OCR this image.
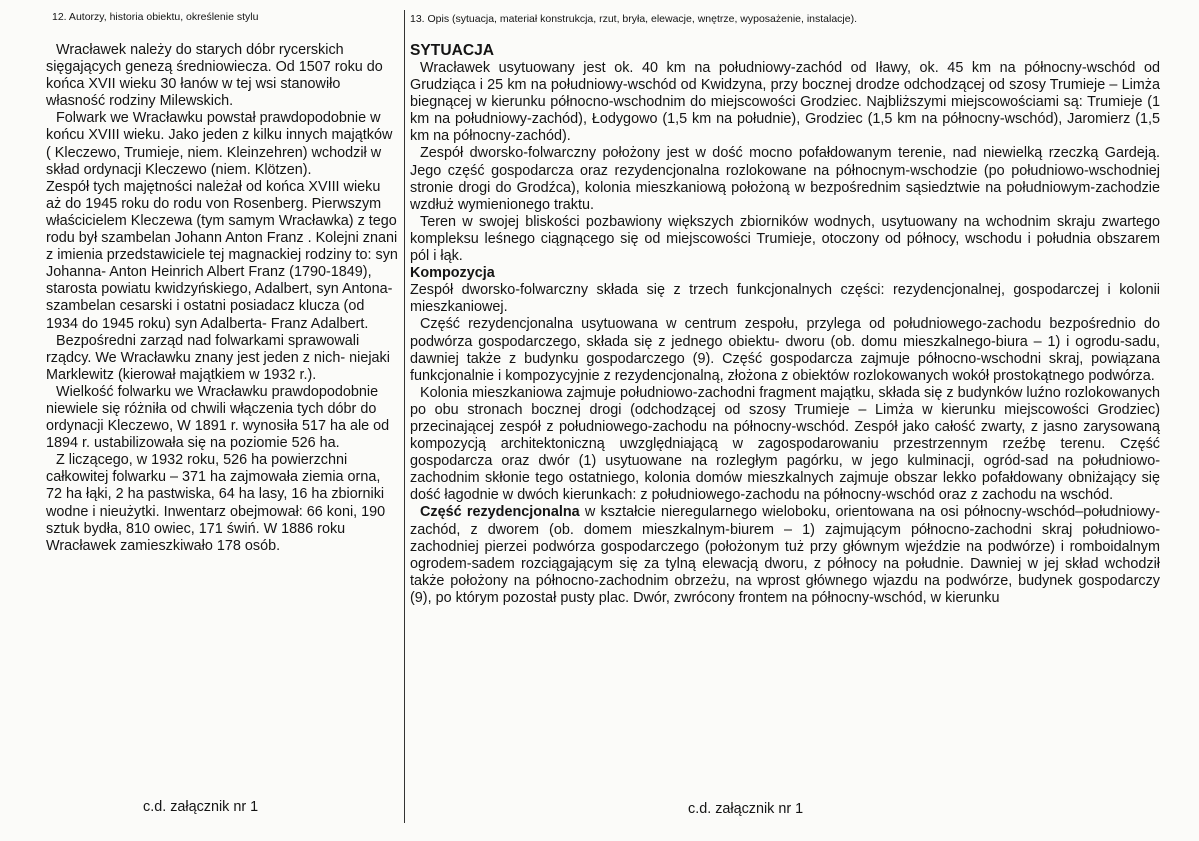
12. Autorzy, historia obiektu, określenie stylu	13. Opis (sytuacja, materiał konstrukcja, rzut, bryła, elewacje, wnętrze, wyposażenie, instalacje).

Wracławek należy do starych dóbr rycerskich sięgających genezą średniowiecza. Od 1507 roku do końca XVII wieku 30 łanów w tej wsi stanowiło własność rodziny Milewskich.

Folwark we Wracławku powstał prawdopodobnie w końcu XVIII wieku. Jako jeden z kilku innych majątków ( Kleczewo, Trumieje, niem. Kleinzehren) wchodził w skład ordynacji Kleczewo (niem. Klötzen).

Zespół tych majętności należał od końca XVIII wieku aż do 1945 roku do rodu von Rosenberg. Pierwszym właścicielem Kleczewa (tym samym Wracławka) z tego rodu był szambelan Johann Anton Franz . Kolejni znani z imienia przedstawiciele tej magnackiej rodziny to: syn Johanna- Anton Heinrich Albert Franz (1790-1849), starosta powiatu kwidzyńskiego, Adalbert, syn Antona- szambelan cesarski i ostatni posiadacz klucza (od 1934 do 1945 roku) syn Adalberta- Franz Adalbert.

Bezpośredni zarząd nad folwarkami sprawowali rządcy. We Wracławku znany jest jeden z nich- niejaki Marklewitz (kierował majątkiem w 1932 r.).

Wielkość folwarku we Wracławku prawdopodobnie niewiele się różniła od chwili włączenia tych dóbr do ordynacji Kleczewo, W 1891 r. wynosiła 517 ha ale od 1894 r. ustabilizowała się na poziomie 526 ha.

Z liczącego, w 1932 roku, 526 ha powierzchni całkowitej folwarku – 371 ha zajmowała ziemia orna, 72 ha łąki, 2 ha pastwiska, 64 ha lasy, 16 ha zbiorniki wodne i nieużytki. Inwentarz obejmował: 66 koni, 190 sztuk bydła, 810 owiec, 171 świń. W 1886 roku Wracławek zamieszkiwało 178 osób.

c.d. załącznik nr 1
SYTUACJA

Wracławek usytuowany jest ok. 40 km na południowy-zachód od Iławy, ok. 45 km na północny-wschód od Grudziąca i 25 km na południowy-wschód od Kwidzyna, przy bocznej drodze odchodzącej od szosy Trumieje – Limża biegnącej w kierunku północno-wschodnim do miejscowości Grodziec. Najbliższymi miejscowościami są: Trumieje (1 km na południowy-zachód), Łodygowo (1,5 km na południe), Grodziec (1,5 km na północny-wschód), Jaromierz (1,5 km na północny-zachód).

Zespół dworsko-folwarczny położony jest w dość mocno pofałdowanym terenie, nad niewielką rzeczką Gardeją. Jego część gospodarcza oraz rezydencjonalna rozlokowane na północnym-wschodzie (po południowo-wschodniej stronie drogi do Grodźca), kolonia mieszkaniową położoną w bezpośrednim sąsiedztwie na południowym-zachodzie wzdłuż wymienionego traktu.

Teren w swojej bliskości pozbawiony większych zbiorników wodnych, usytuowany na wchodnim skraju zwartego kompleksu leśnego ciągnącego się od miejscowości Trumieje, otoczony od północy, wschodu i południa obszarem pól i łąk.

Kompozycja

Zespół dworsko-folwarczny składa się z trzech funkcjonalnych części: rezydencjonalnej, gospodarczej i kolonii mieszkaniowej.

Część rezydencjonalna usytuowana w centrum zespołu, przylega od południowego-zachodu bezpośrednio do podwórza gospodarczego, składa się z jednego obiektu- dworu (ob. domu mieszkalnego-biura – 1) i ogrodu-sadu, dawniej także z budynku gospodarczego (9). Część gospodarcza zajmuje północno-wschodni skraj, powiązana funkcjonalnie i kompozycyjnie z rezydencjonalną, złożona z obiektów rozlokowanych wokół prostokątnego podwórza.

Kolonia mieszkaniowa zajmuje południowo-zachodni fragment majątku, składa się z budynków luźno rozlokowanych po obu stronach bocznej drogi (odchodzącej od szosy Trumieje – Limża w kierunku miejscowości Grodziec) przecinającej zespół z południowego-zachodu na północny-wschód. Zespół jako całość zwarty, z jasno zarysowaną kompozycją architektoniczną uwzględniającą w zagospodarowaniu przestrzennym rzeźbę terenu. Część gospodarcza oraz dwór (1) usytuowane na rozległym pagórku, w jego kulminacji, ogród-sad na południowo-zachodnim skłonie tego ostatniego, kolonia domów mieszkalnych zajmuje obszar lekko pofałdowany obniżający się dość łagodnie w dwóch kierunkach: z południowego-zachodu na północny-wschód oraz z zachodu na wschód.

Część rezydencjonalna w kształcie nieregularnego wieloboku, orientowana na osi północny-wschód–południowy-zachód, z dworem (ob. domem mieszkalnym-biurem – 1) zajmującym północno-zachodni skraj południowo-zachodniej pierzei podwórza gospodarczego (położonym tuż przy głównym wjeździe na podwórze) i romboidalnym ogrodem-sadem rozciągającym się za tylną elewacją dworu, z północy na południe. Dawniej w jej skład wchodził także położony na północno-zachodnim obrzeżu, na wprost głównego wjazdu na podwórze, budynek gospodarczy (9), po którym pozostał pusty plac. Dwór, zwrócony frontem na północny-wschód, w kierunku

c.d. załącznik nr 1
